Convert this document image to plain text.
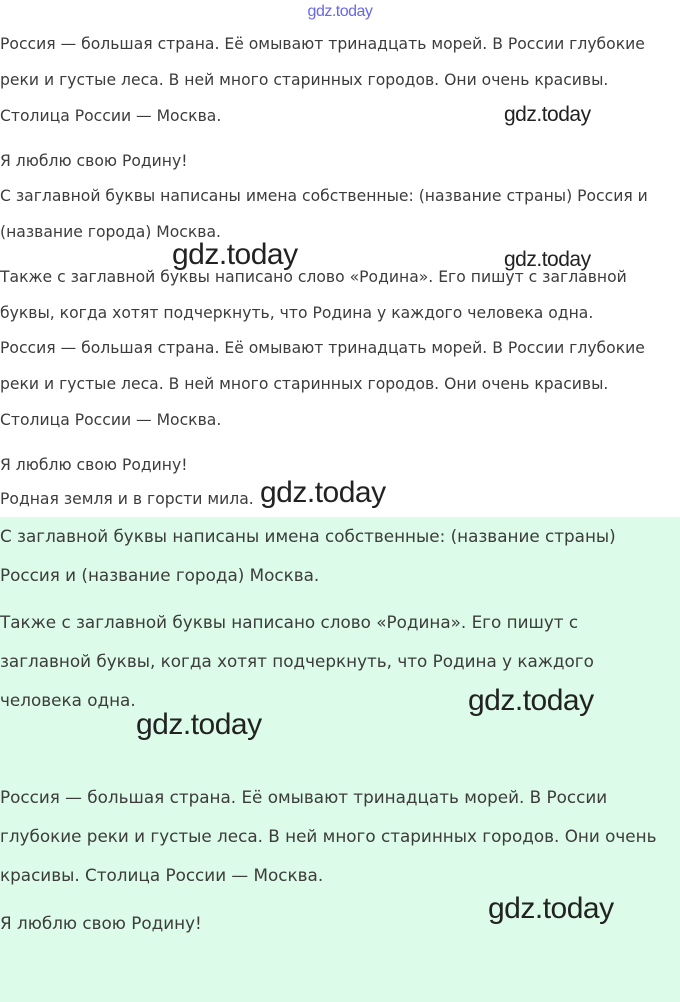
gdz.today

Россия — большая страна. Её омывают тринадцать морей. В России глубокие

реки и густые леса. В ней много старинных городов. Они очень красивы.

Столица России — Москва.

Я люблю свою Родину!

С заглавной буквы написаны имена собственные: (название страны) Россия и

(название города) Москва.

Также с заглавной буквы написано слово «Родина». Его пишут с заглавной

буквы, когда хотят подчеркнуть, что Родина у каждого человека одна.

Россия — большая страна. Её омывают тринадцать морей. В России глубокие

реки и густые леса. В ней много старинных городов. Они очень красивы.

Столица России — Москва.

Я люблю свою Родину!

Родная земля и в горсти мила.

С заглавной буквы написаны имена собственные: (название страны)

Россия и (название города) Москва.

Также с заглавной буквы написано слово «Родина». Его пишут с

заглавной буквы, когда хотят подчеркнуть, что Родина у каждого

человека одна.

Россия — большая страна. Её омывают тринадцать морей. В России

глубокие реки и густые леса. В ней много старинных городов. Они очень

красивы. Столица России — Москва.

Я люблю свою Родину!

gdz.today
gdz.today	gdz.today
gdz.today
gdz.today
gdz.today
gdz.today
